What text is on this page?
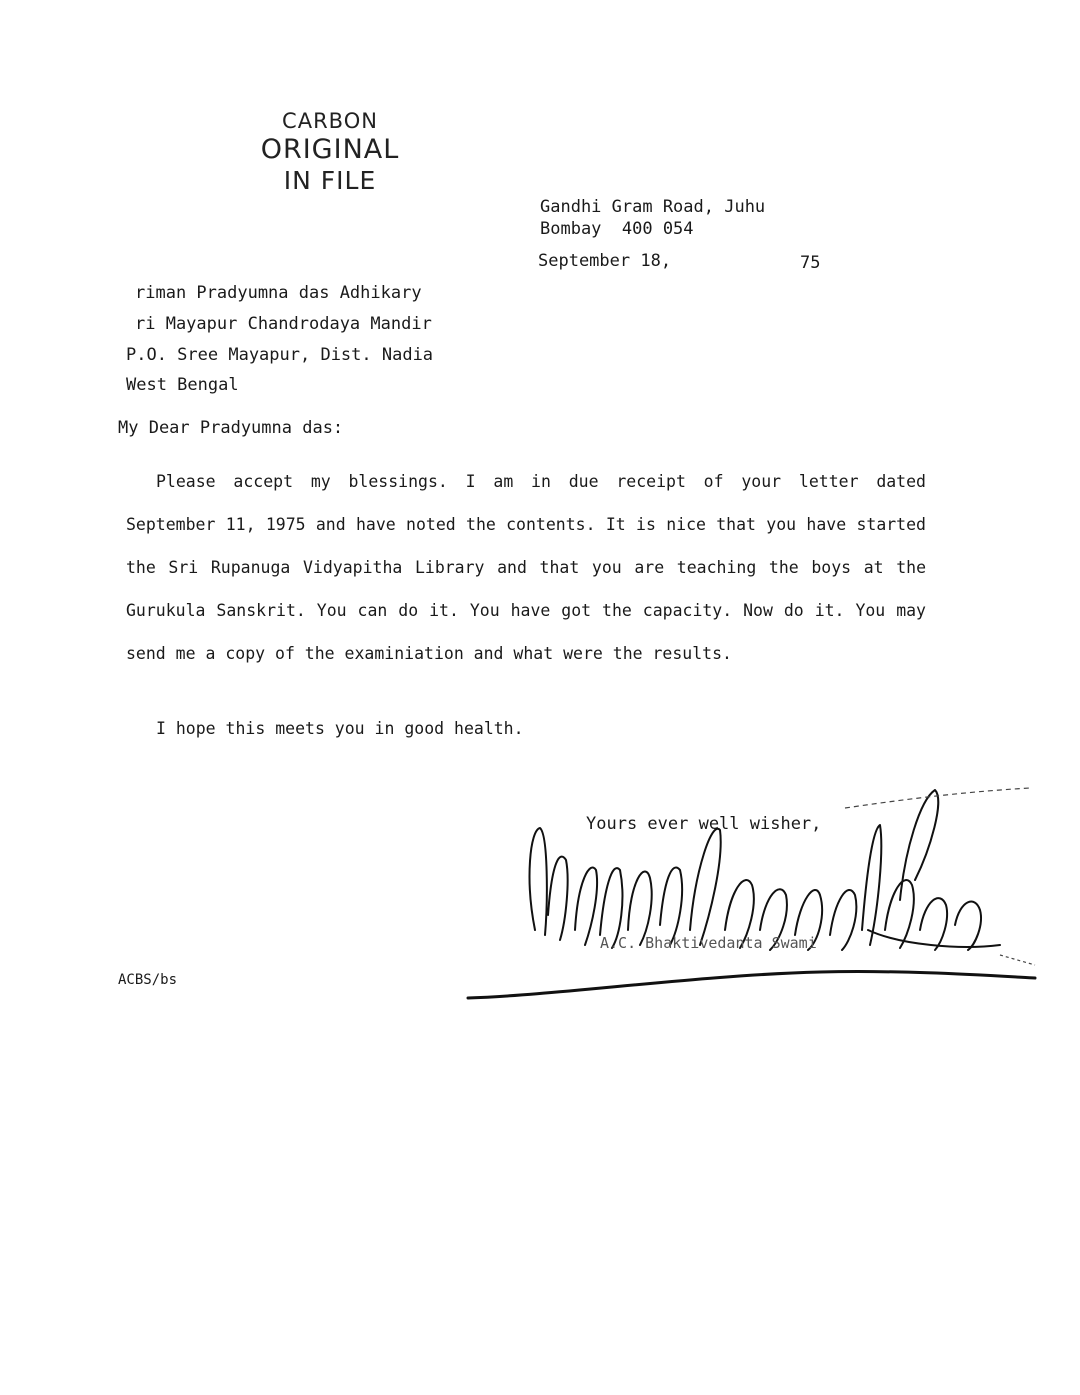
CARBON
ORIGINAL
IN FILE
Gandhi Gram Road, Juhu
Bombay  400 054
September 18,	75
riman Pradyumna das Adhikary
ri Mayapur Chandrodaya Mandir
P.O. Sree Mayapur, Dist. Nadia
West Bengal
My Dear Pradyumna das:

Please accept my blessings. I am in due receipt of your letter dated September 11, 1975 and have noted the contents. It is nice that you have started the Sri Rupanuga Vidyapitha Library and that you are teaching the boys at the Gurukula Sanskrit. You can do it. You have got the capacity. Now do it. You may send me a copy of the examiniation and what were the results.

I hope this meets you in good health.
Yours ever well wisher,
A.C. Bhaktivedanta Swami
ACBS/bs
